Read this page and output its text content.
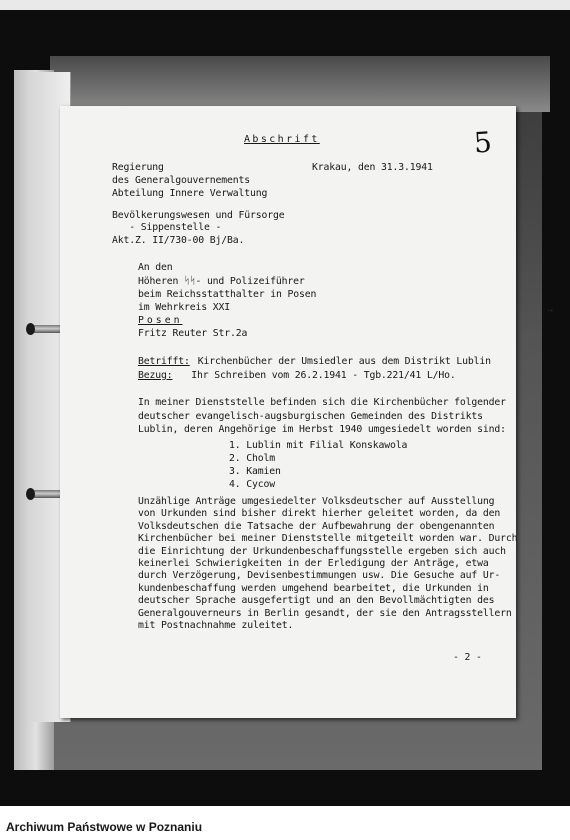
Abschrift	5
Regierung
des Generalgouvernements
Abteilung Innere Verwaltung
Krakau, den 31.3.1941
Bevölkerungswesen und Fürsorge
- Sippenstelle -
Akt.Z. II/730-00 Bj/Ba.
An den
Höheren ᛋᛋ- und Polizeiführer
beim Reichsstatthalter in Posen
im Wehrkreis XXI
Posen
Fritz Reuter Str.2a
Betrifft: Kirchenbücher der Umsiedler aus dem Distrikt Lublin
Bezug: Ihr Schreiben vom 26.2.1941 - Tgb.221/41 L/Ho.
In meiner Dienststelle befinden sich die Kirchenbücher folgender
deutscher evangelisch-augsburgischen Gemeinden des Distrikts
Lublin, deren Angehörige im Herbst 1940 umgesiedelt worden sind:
1. Lublin mit Filial Konskawola
2. Cholm
3. Kamien
4. Cycow
Unzählige Anträge umgesiedelter Volksdeutscher auf Ausstellung
von Urkunden sind bisher direkt hierher geleitet worden, da den
Volksdeutschen die Tatsache der Aufbewahrung der obengenannten
Kirchenbücher bei meiner Dienststelle mitgeteilt worden war. Durch
die Einrichtung der Urkundenbeschaffungsstelle ergeben sich auch
keinerlei Schwierigkeiten in der Erledigung der Anträge, etwa
durch Verzögerung, Devisenbestimmungen usw. Die Gesuche auf Ur-
kundenbeschaffung werden umgehend bearbeitet, die Urkunden in
deutscher Sprache ausgefertigt und an den Bevollmächtigten des
Generalgouverneurs in Berlin gesandt, der sie den Antragsstellern
mit Postnachnahme zuleitet.
- 2 -
→
Archiwum Państwowe w Poznaniu
